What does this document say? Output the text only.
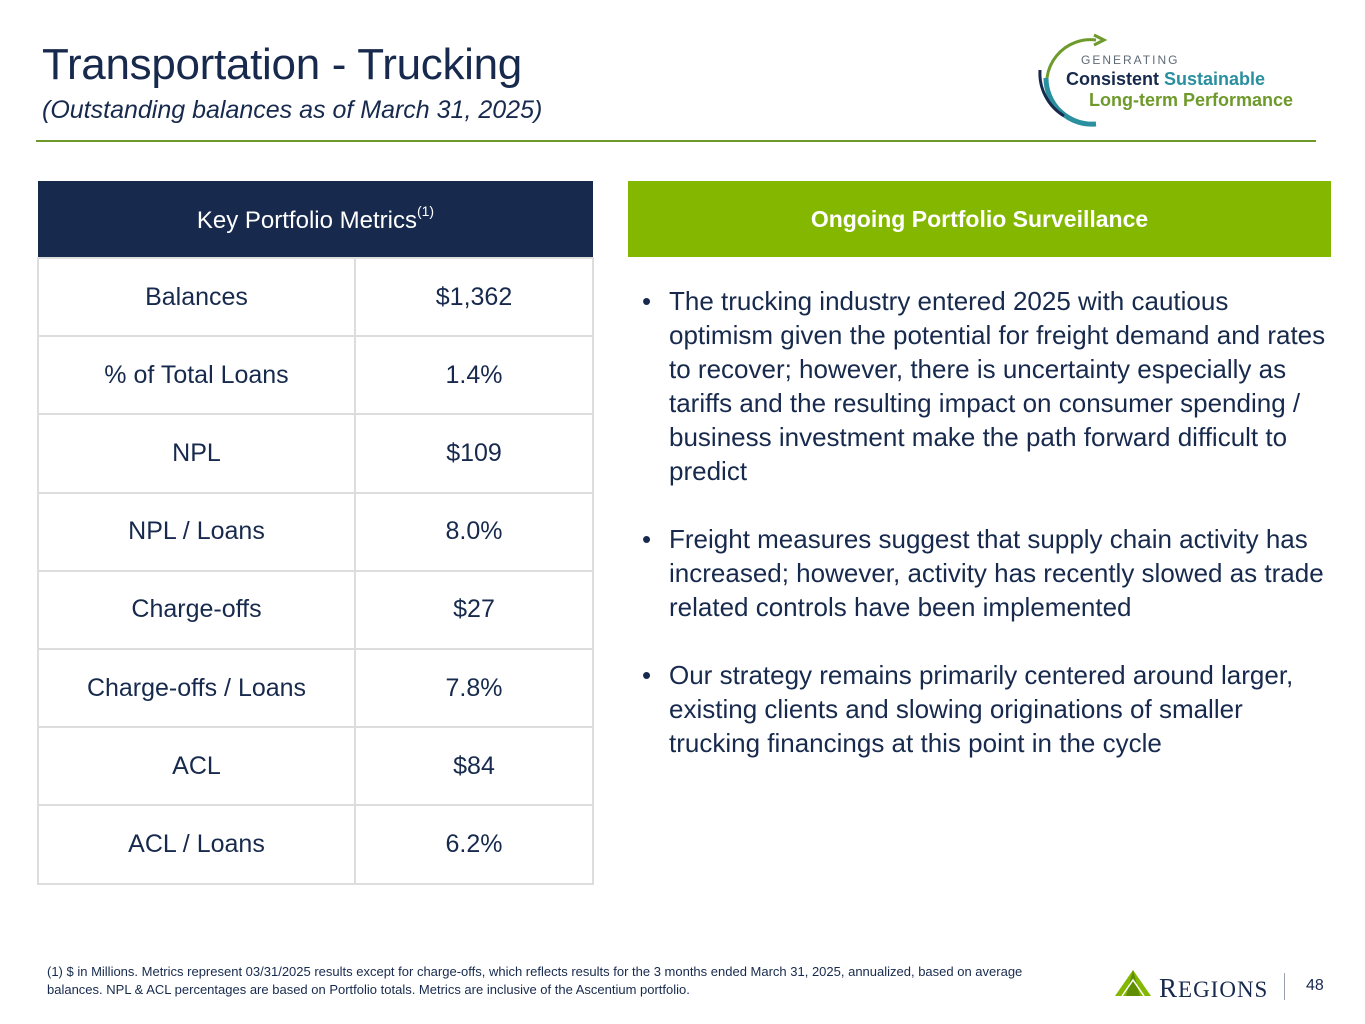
Transportation - Trucking
(Outstanding balances as of March 31, 2025)
GENERATING
Consistent Sustainable
Long-term Performance
Key Portfolio Metrics$^{(1)}$
Balances	$1,362
% of Total Loans	1.4%
NPL	$109
NPL / Loans	8.0%
Charge-offs	$27
Charge-offs / Loans	7.8%
ACL	$84
ACL / Loans	6.2%
Ongoing Portfolio Surveillance
• The trucking industry entered 2025 with cautious optimism given the potential for freight demand and rates to recover; however, there is uncertainty especially as tariffs and the resulting impact on consumer spending / business investment make the path forward difficult to predict
• Freight measures suggest that supply chain activity has increased; however, activity has recently slowed as trade related controls have been implemented
• Our strategy remains primarily centered around larger, existing clients and slowing originations of smaller trucking financings at this point in the cycle
(1) $ in Millions. Metrics represent 03/31/2025 results except for charge-offs, which reflects results for the 3 months ended March 31, 2025, annualized, based on average balances. NPL & ACL percentages are based on Portfolio totals. Metrics are inclusive of the Ascentium portfolio.	REGIONS 48
